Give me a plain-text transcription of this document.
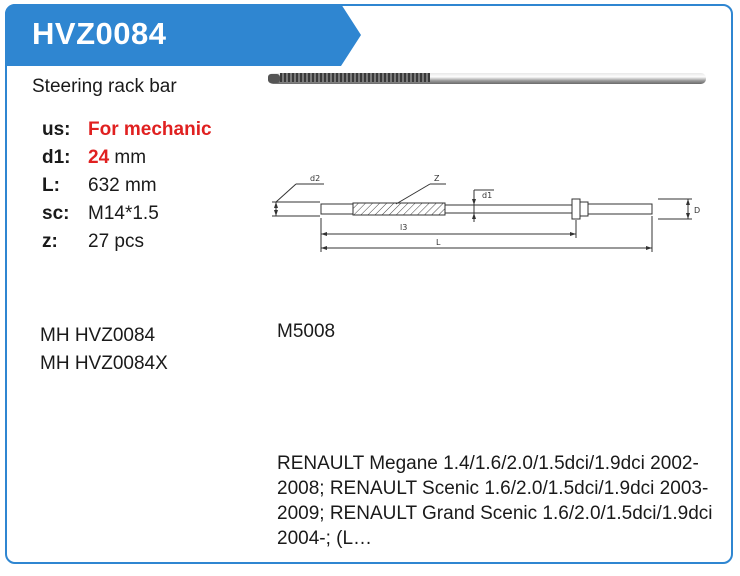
HVZ0084
Steering rack bar
d2	Z
d1
D
l3
L
us: For mechanic
d1: 24 mm
L:	632 mm
sc: M14*1.5
z:	27 pcs
MH HVZ0084
MH HVZ0084X
M5008
RENAULT Megane 1.4/1.6/2.0/1.5dci/1.9dci 2002-2008; RENAULT Scenic 1.6/2.0/1.5dci/1.9dci 2003-2009; RENAULT Grand Scenic 1.6/2.0/1.5dci/1.9dci 2004-; (L…
